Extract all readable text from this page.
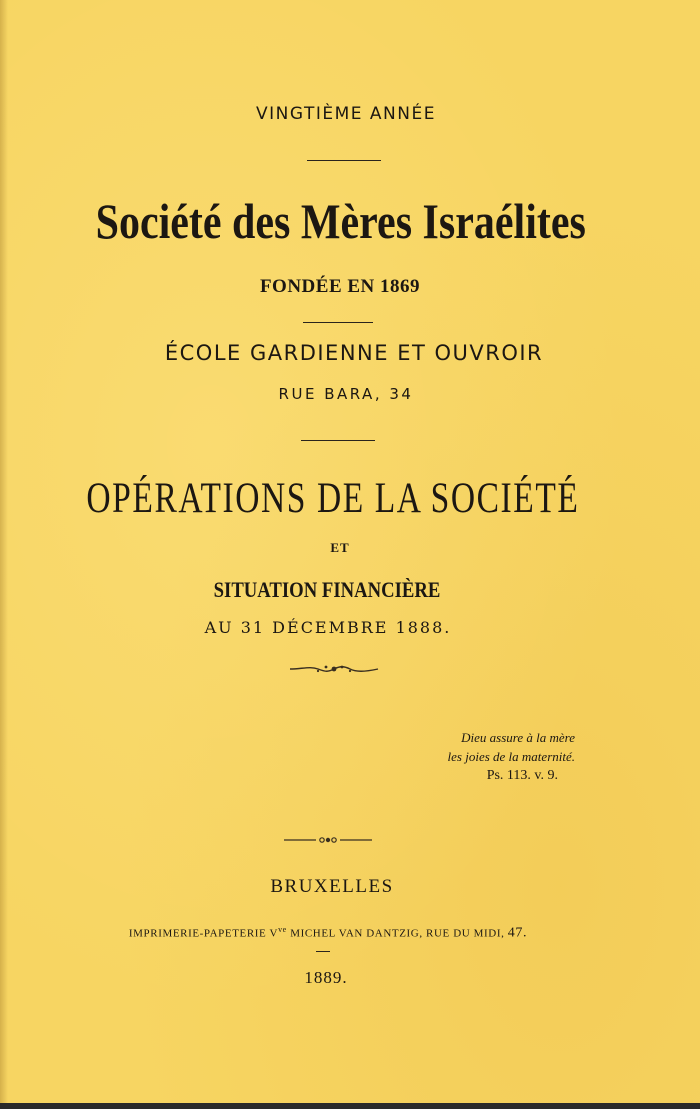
VINGTIÈME ANNÉE
Société des Mères Israélites
FONDÉE EN 1869
ÉCOLE GARDIENNE ET OUVROIR
RUE BARA, 34
OPÉRATIONS DE LA SOCIÉTÉ
ET
SITUATION FINANCIÈRE
AU 31 DÉCEMBRE 1888.
Dieu assure à la mère
les joies de la maternité.
Ps. 113. v. 9.
BRUXELLES
IMPRIMERIE-PAPETERIE $V^{ve}$ MICHEL VAN DANTZIG, RUE DU MIDI, 47.
1889.
